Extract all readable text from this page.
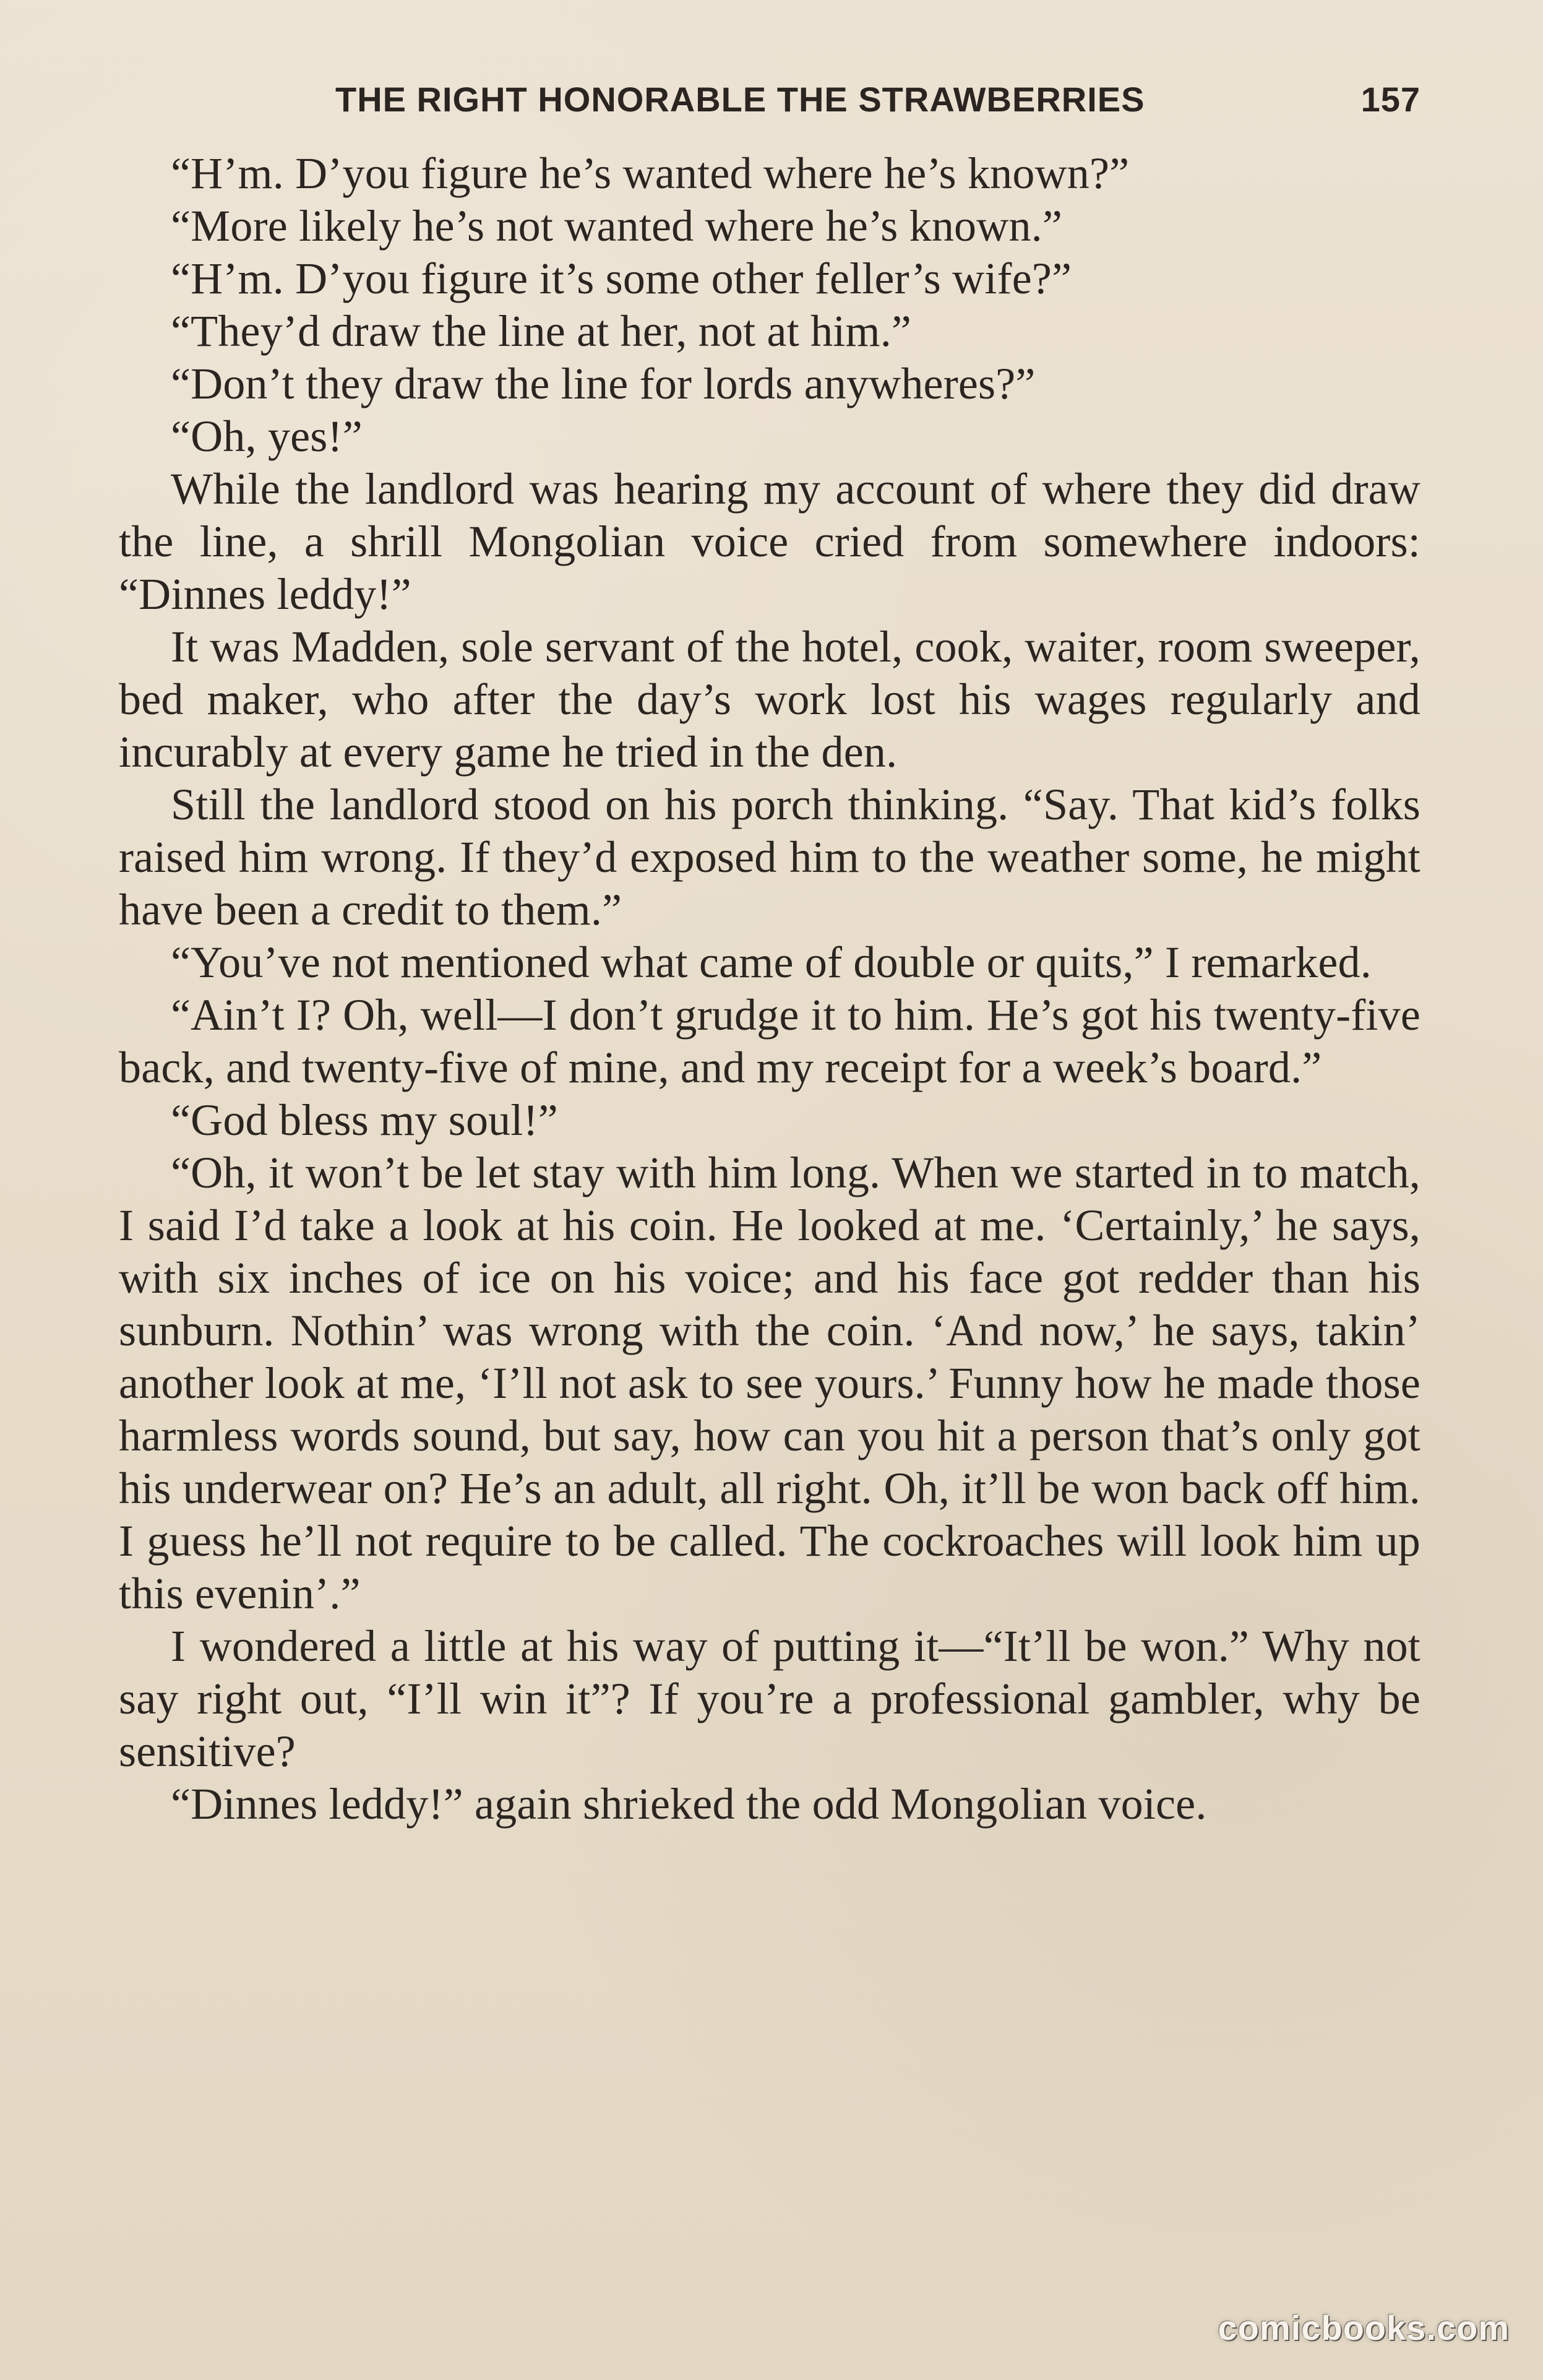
THE RIGHT HONORABLE THE STRAWBERRIES	157

“H’m. D’you figure he’s wanted where he’s known?”

“More likely he’s not wanted where he’s known.”

“H’m. D’you figure it’s some other feller’s wife?”

“They’d draw the line at her, not at him.”

“Don’t they draw the line for lords anywheres?”

“Oh, yes!”

While the landlord was hearing my account of where they did draw the line, a shrill Mongolian voice cried from somewhere indoors: “Dinnes leddy!”

It was Madden, sole servant of the hotel, cook, waiter, room sweeper, bed maker, who after the day’s work lost his wages regularly and incurably at every game he tried in the den.

Still the landlord stood on his porch thinking. “Say. That kid’s folks raised him wrong. If they’d exposed him to the weather some, he might have been a credit to them.”

“You’ve not mentioned what came of double or quits,” I remarked.

“Ain’t I? Oh, well—I don’t grudge it to him. He’s got his twenty-five back, and twenty-five of mine, and my receipt for a week’s board.”

“God bless my soul!”

“Oh, it won’t be let stay with him long. When we started in to match, I said I’d take a look at his coin. He looked at me. ‘Certainly,’ he says, with six inches of ice on his voice; and his face got redder than his sunburn. Nothin’ was wrong with the coin. ‘And now,’ he says, takin’ another look at me, ‘I’ll not ask to see yours.’ Funny how he made those harmless words sound, but say, how can you hit a person that’s only got his underwear on? He’s an adult, all right. Oh, it’ll be won back off him. I guess he’ll not require to be called. The cockroaches will look him up this evenin’.”

I wondered a little at his way of putting it—“It’ll be won.” Why not say right out, “I’ll win it”? If you’re a professional gambler, why be sensitive?

“Dinnes leddy!” again shrieked the odd Mongolian voice.

comicbooks.com
